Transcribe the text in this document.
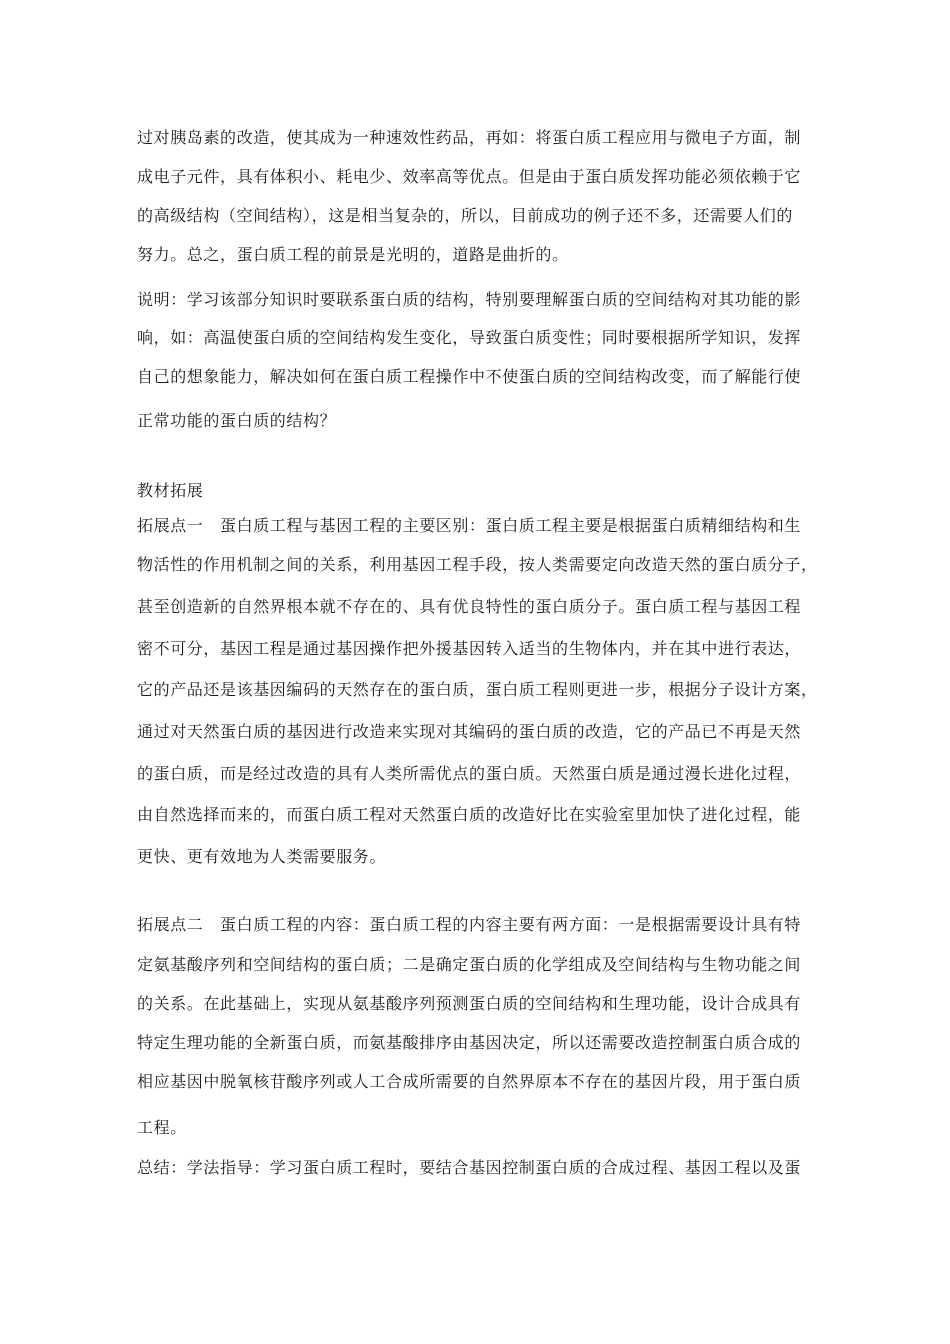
过对胰岛素的改造，使其成为一种速效性药品，再如：将蛋白质工程应用与微电子方面，制
成电子元件，具有体积小、耗电少、效率高等优点。但是由于蛋白质发挥功能必须依赖于它
的高级结构（空间结构），这是相当复杂的，所以，目前成功的例子还不多，还需要人们的
努力。总之，蛋白质工程的前景是光明的，道路是曲折的。
说明：学习该部分知识时要联系蛋白质的结构，特别要理解蛋白质的空间结构对其功能的影
响，如：高温使蛋白质的空间结构发生变化，导致蛋白质变性；同时要根据所学知识，发挥
自己的想象能力，解决如何在蛋白质工程操作中不使蛋白质的空间结构改变，而了解能行使
正常功能的蛋白质的结构？
教材拓展
拓展点一　蛋白质工程与基因工程的主要区别：蛋白质工程主要是根据蛋白质精细结构和生
物活性的作用机制之间的关系，利用基因工程手段，按人类需要定向改造天然的蛋白质分子，
甚至创造新的自然界根本就不存在的、具有优良特性的蛋白质分子。蛋白质工程与基因工程
密不可分，基因工程是通过基因操作把外援基因转入适当的生物体内，并在其中进行表达，
它的产品还是该基因编码的天然存在的蛋白质，蛋白质工程则更进一步，根据分子设计方案，
通过对天然蛋白质的基因进行改造来实现对其编码的蛋白质的改造，它的产品已不再是天然
的蛋白质，而是经过改造的具有人类所需优点的蛋白质。天然蛋白质是通过漫长进化过程，
由自然选择而来的，而蛋白质工程对天然蛋白质的改造好比在实验室里加快了进化过程，能
更快、更有效地为人类需要服务。
拓展点二　蛋白质工程的内容：蛋白质工程的内容主要有两方面：一是根据需要设计具有特
定氨基酸序列和空间结构的蛋白质；二是确定蛋白质的化学组成及空间结构与生物功能之间
的关系。在此基础上，实现从氨基酸序列预测蛋白质的空间结构和生理功能，设计合成具有
特定生理功能的全新蛋白质，而氨基酸排序由基因决定，所以还需要改造控制蛋白质合成的
相应基因中脱氧核苷酸序列或人工合成所需要的自然界原本不存在的基因片段，用于蛋白质
工程。
总结：学法指导：学习蛋白质工程时，要结合基因控制蛋白质的合成过程、基因工程以及蛋
